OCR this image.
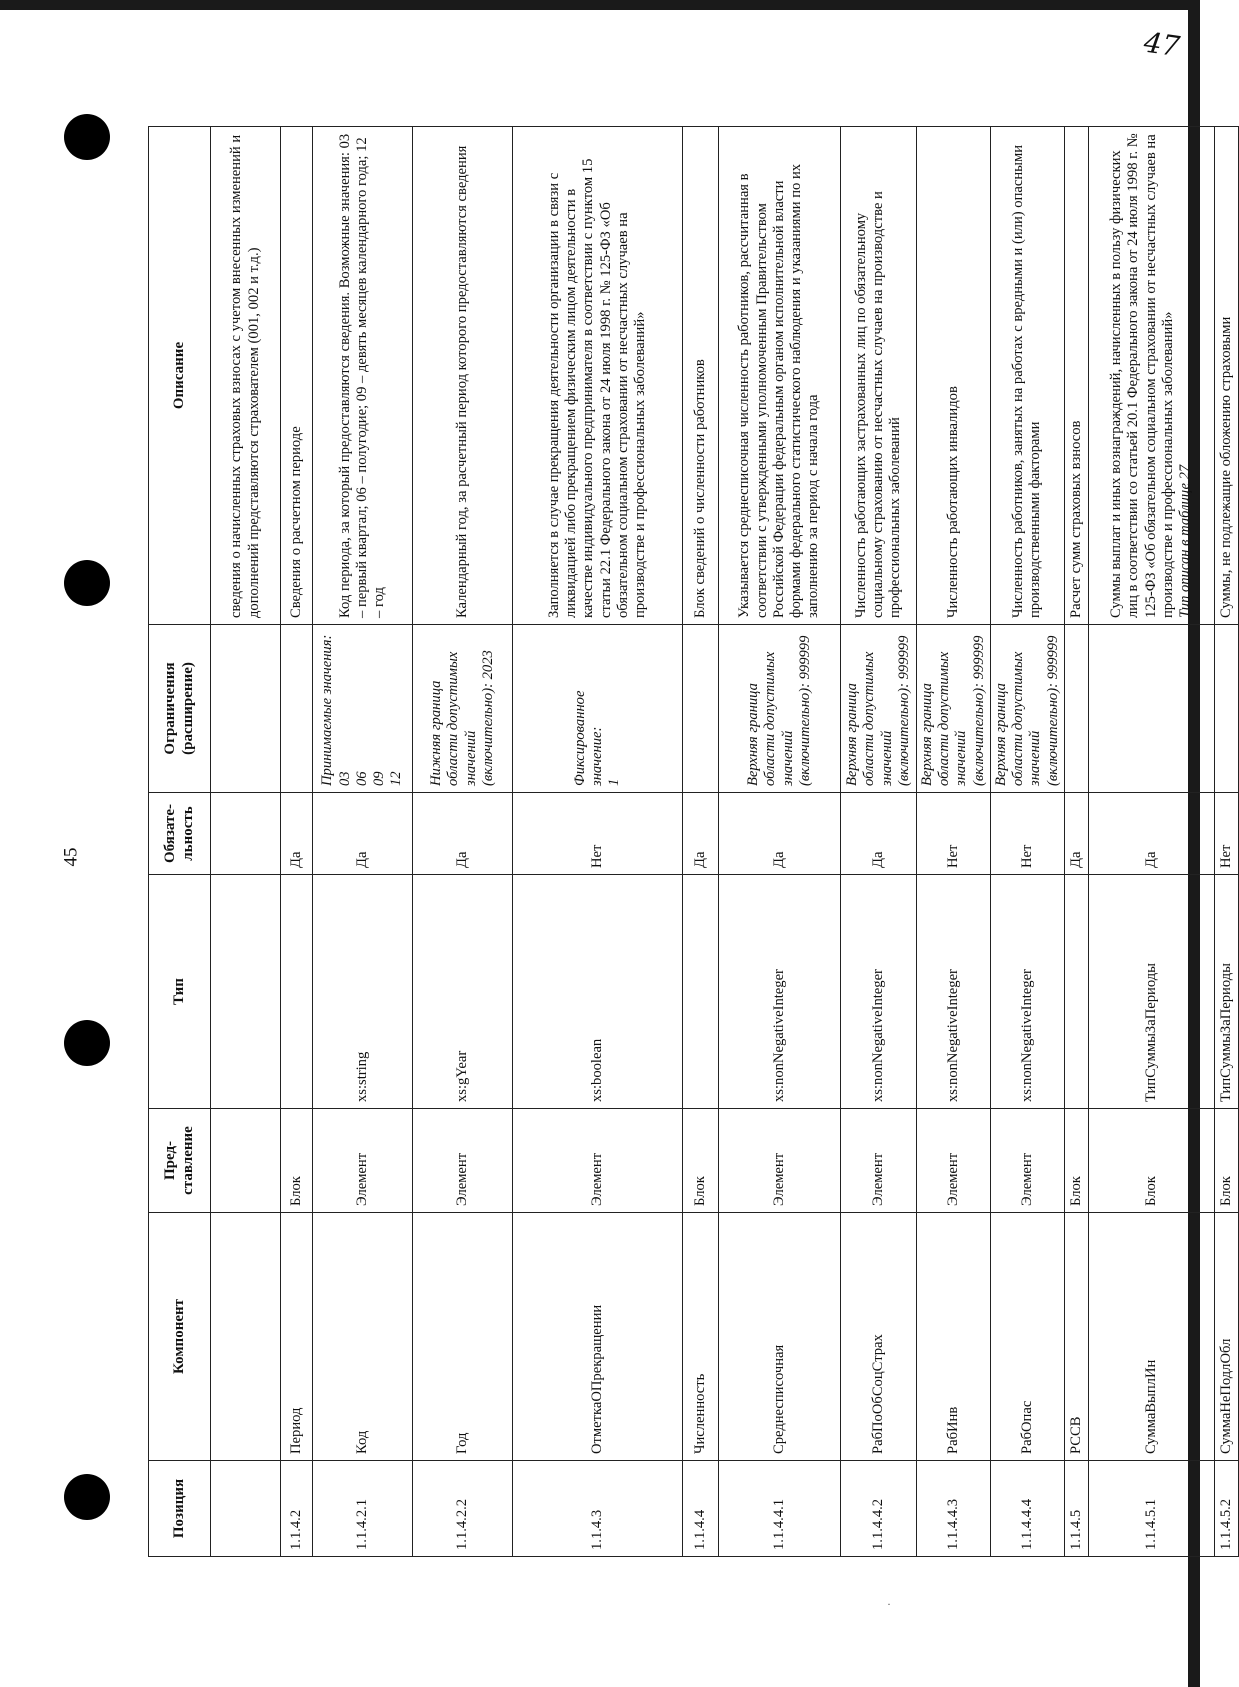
45
47
Позиция	Компонент	Пред-ставление	Тип	Обязате-льность	Ограничения (расширение)	Описание

	сведения о начисленных страховых взносах с учетом внесенных изменений и дополнений представляются страхователем (001, 002 и т.д.)
1.1.4.2	Период	Блок		Да		Сведения о расчетном периоде
1.1.4.2.1	Код	Элемент	xs:string	Да	Принимаемые значения: 03 06 09 12	Код периода, за который предоставляются сведения. Возможные значения: 03 – первый квартал; 06 – полугодие; 09 – девять месяцев календарного года; 12 – год
1.1.4.2.2	Год	Элемент	xs:gYear	Да	Нижняя граница области допустимых значений (включительно): 2023	Календарный год, за расчетный период которого предоставляются сведения
1.1.4.3	ОтметкаОПрекращении	Элемент	xs:boolean	Нет	Фиксированное значение: 1	Заполняется в случае прекращения деятельности организации в связи с ликвидацией либо прекращением физическим лицом деятельности в качестве индивидуального предпринимателя в соответствии с пунктом 15 статьи 22.1 Федерального закона от 24 июля 1998 г. № 125-ФЗ «Об обязательном социальном страховании от несчастных случаев на производстве и профессиональных заболеваний»
1.1.4.4	Численность	Блок		Да		Блок сведений о численности работников
1.1.4.4.1	Среднесписочная	Элемент	xs:nonNegativeInteger	Да	Верхняя граница области допустимых значений (включительно): 999999	Указывается среднесписочная численность работников, рассчитанная в соответствии с утвержденными уполномоченным Правительством Российской Федерации федеральным органом исполнительной власти формами федерального статистического наблюдения и указаниями по их заполнению за период с начала года
1.1.4.4.2	РабПоОбСоцСтрах	Элемент	xs:nonNegativeInteger	Да	Верхняя граница области допустимых значений (включительно): 999999	Численность работающих застрахованных лиц по обязательному социальному страхованию от несчастных случаев на производстве и профессиональных заболеваний
1.1.4.4.3	РабИнв	Элемент	xs:nonNegativeInteger	Нет	Верхняя граница области допустимых значений (включительно): 999999	Численность работающих инвалидов
1.1.4.4.4	РабОпас	Элемент	xs:nonNegativeInteger	Нет	Верхняя граница области допустимых значений (включительно): 999999	Численность работников, занятых на работах с вредными и (или) опасными производственными факторами
1.1.4.5	РССВ	Блок		Да		Расчет сумм страховых взносов
1.1.4.5.1	СуммаВыплИн	Блок	ТипСуммыЗаПериоды	Да		Суммы выплат и иных вознаграждений, начисленных в пользу физических лиц в соответствии со статьей 20.1 Федерального закона от 24 июля 1998 г. № 125-ФЗ «Об обязательном социальном страховании от несчастных случаев на производстве и профессиональных заболеваний» Тип описан в таблице 27

1.1.4.5.2	СуммаНеПодлОбл	Блок	ТипСуммыЗаПериоды	Нет		Суммы, не подлежащие обложению страховыми
·
